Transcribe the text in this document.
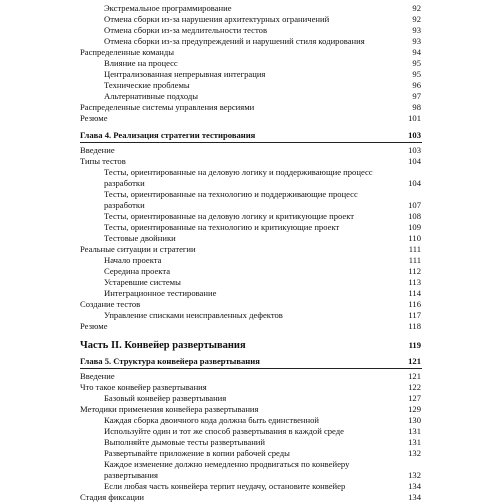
Экстремальное программирование	92
Отмена сборки из-за нарушения архитектурных ограничений	92
Отмена сборки из-за медлительности тестов	93
Отмена сборки из-за предупреждений и нарушений стиля кодирования	93
Распределенные команды	94
Влияние на процесс	95
Централизованная непрерывная интеграция	95
Технические проблемы	96
Альтернативные подходы	97
Распределенные системы управления версиями	98
Резюме	101
Глава 4. Реализация стратегии тестирования	103
Введение	103
Типы тестов	104
Тесты, ориентированные на деловую логику и поддерживающие процесс
разработки	104
Тесты, ориентированные на технологию и поддерживающие процесс
разработки	107
Тесты, ориентированные на деловую логику и критикующие проект	108
Тесты, ориентированные на технологию и критикующие проект	109
Тестовые двойники	110
Реальные ситуации и стратегии	111
Начало проекта	111
Середина проекта	112
Устаревшие системы	113
Интеграционное тестирование	114
Создание тестов	116
Управление списками неисправленных дефектов	117
Резюме	118
Часть II. Конвейер развертывания	119
Глава 5. Структура конвейера развертывания	121
Введение	121
Что такое конвейер развертывания	122
Базовый конвейер развертывания	127
Методики применения конвейера развертывания	129
Каждая сборка двоичного кода должна быть единственной	130
Используйте один и тот же способ развертывания в каждой среде	131
Выполняйте дымовые тесты развертываний	131
Развертывайте приложение в копии рабочей среды	132
Каждое изменение должно немедленно продвигаться по конвейеру
развертывания	132
Если любая часть конвейера терпит неудачу, остановите конвейер	134
Стадия фиксации	134
